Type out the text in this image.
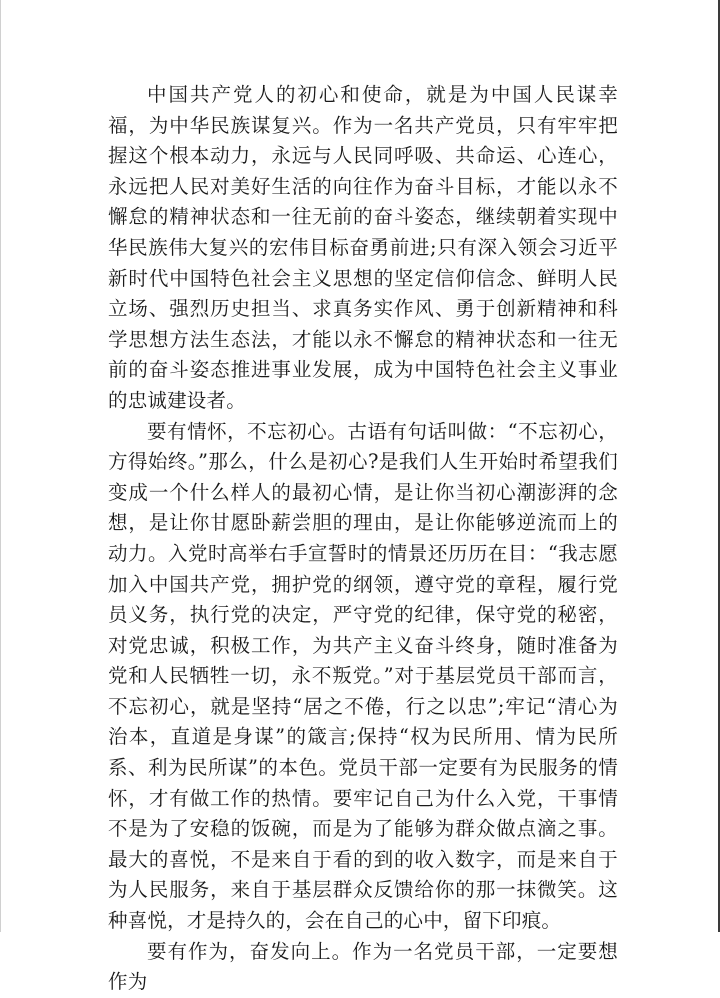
中国共产党人的初心和使命，就是为中国人民谋幸福，为中华民族谋复兴。作为一名共产党员，只有牢牢把握这个根本动力，永远与人民同呼吸、共命运、心连心，永远把人民对美好生活的向往作为奋斗目标，才能以永不懈怠的精神状态和一往无前的奋斗姿态，继续朝着实现中华民族伟大复兴的宏伟目标奋勇前进;只有深入领会习近平新时代中国特色社会主义思想的坚定信仰信念、鲜明人民立场、强烈历史担当、求真务实作风、勇于创新精神和科学思想方法生态法，才能以永不懈怠的精神状态和一往无前的奋斗姿态推进事业发展，成为中国特色社会主义事业的忠诚建设者。

要有情怀，不忘初心。古语有句话叫做：“不忘初心，方得始终。”那么，什么是初心?是我们人生开始时希望我们变成一个什么样人的最初心情，是让你当初心潮澎湃的念想，是让你甘愿卧薪尝胆的理由，是让你能够逆流而上的动力。入党时高举右手宣誓时的情景还历历在目：“我志愿加入中国共产党，拥护党的纲领，遵守党的章程，履行党员义务，执行党的决定，严守党的纪律，保守党的秘密，对党忠诚，积极工作，为共产主义奋斗终身，随时准备为党和人民牺牲一切，永不叛党。”对于基层党员干部而言，不忘初心，就是坚持“居之不倦，行之以忠”;牢记“清心为治本，直道是身谋”的箴言;保持“权为民所用、情为民所系、利为民所谋”的本色。党员干部一定要有为民服务的情怀，才有做工作的热情。要牢记自己为什么入党，干事情不是为了安稳的饭碗，而是为了能够为群众做点滴之事。最大的喜悦，不是来自于看的到的收入数字，而是来自于为人民服务，来自于基层群众反馈给你的那一抹微笑。这种喜悦，才是持久的，会在自己的心中，留下印痕。

要有作为，奋发向上。作为一名党员干部，一定要想作为
